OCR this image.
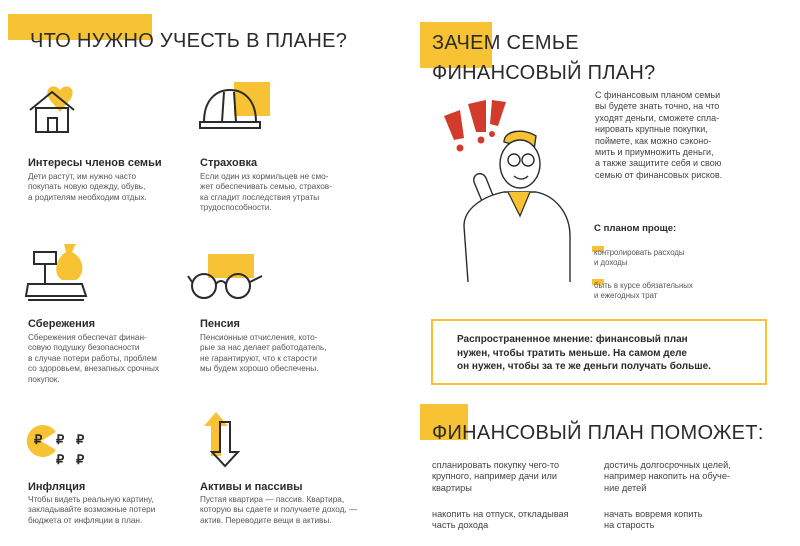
ЧТО НУЖНО УЧЕСТЬ В ПЛАНЕ?
Интересы членов семьи
Дети растут, им нужно часто
покупать новую одежду, обувь,
а родителям необходим отдых.
Страховка
Если один из кормильцев не смо-
жет обеспечивать семью, страхов-
ка сгладит последствия утраты
трудоспособности.
Сбережения
Сбережения обеспечат финан-
совую подушку безопасности
в случае потери работы, проблем
со здоровьем, внезапных срочных
покупок.
Пенсия
Пенсионные отчисления, кото-
рые за нас делает работодатель,
не гарантируют, что к старости
мы будем хорошо обеспечены.
₽ ₽ ₽
₽ ₽
Инфляция
Чтобы видеть реальную картину,
закладывайте возможные потери
бюджета от инфляции в план.
Активы и пассивы
Пустая квартира — пассив. Квартира,
которую вы сдаете и получаете доход, —
актив. Переводите вещи в активы.
ЗАЧЕМ СЕМЬЕ
ФИНАНСОВЫЙ ПЛАН?
С финансовым планом семьи
вы будете знать точно, на что
уходят деньги, сможете спла-
нировать крупные покупки,
поймете, как можно сэконо-
мить и приумножить деньги,
а также защитите себя и свою
семью от финансовых рисков.
С планом проще:
контролировать расходы
и доходы
быть в курсе обязательных
и ежегодных трат
Распространенное мнение: финансовый план
нужен, чтобы тратить меньше. На самом деле
он нужен, чтобы за те же деньги получать больше.
ФИНАНСОВЫЙ ПЛАН ПОМОЖЕТ:
спланировать покупку чего-то
крупного, например дачи или
квартиры
достичь долгосрочных целей,
например накопить на обуче-
ние детей
накопить на отпуск, откладывая
часть дохода
начать вовремя копить
на старость
